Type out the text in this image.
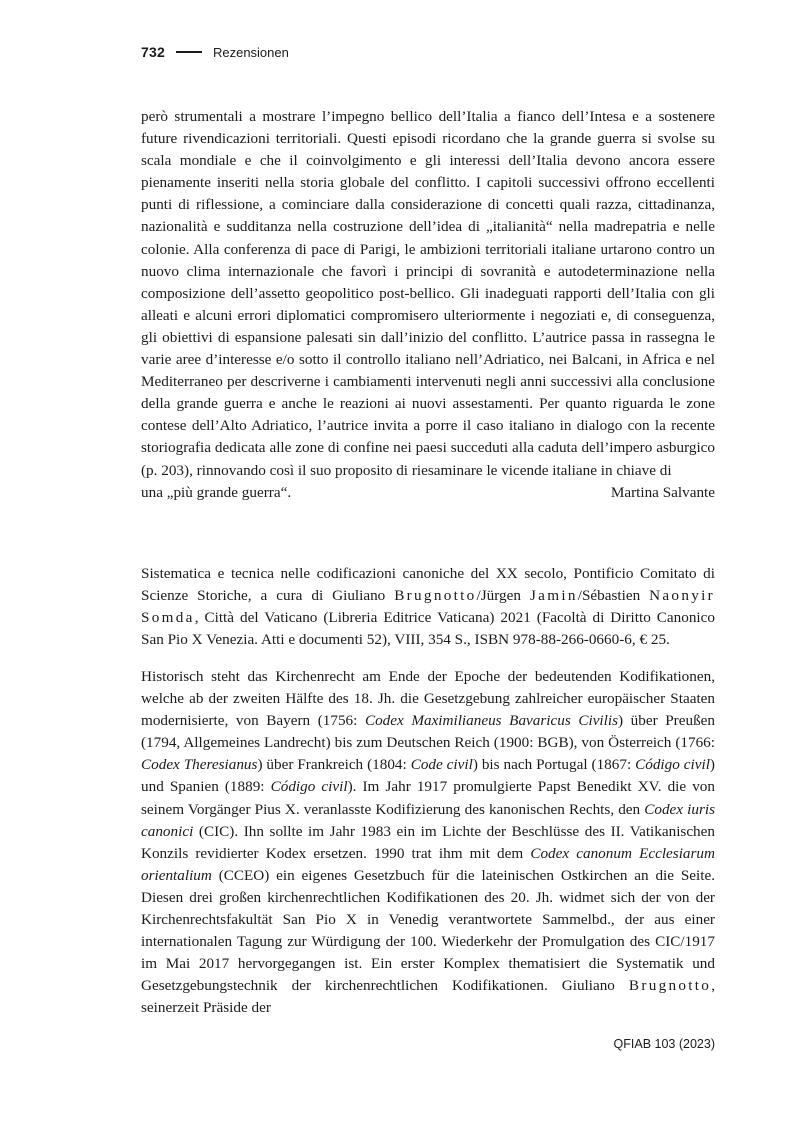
732	Rezensionen

però strumentali a mostrare l’impegno bellico dell’Italia a fianco dell’Intesa e a sostenere future rivendicazioni territoriali. Questi episodi ricordano che la grande guerra si svolse su scala mondiale e che il coinvolgimento e gli interessi dell’Italia devono ancora essere pienamente inseriti nella storia globale del conflitto. I capitoli successivi offrono eccellenti punti di riflessione, a cominciare dalla considerazione di concetti quali razza, cittadinanza, nazionalità e sudditanza nella costruzione dell’idea di „italianità“ nella madrepatria e nelle colonie. Alla conferenza di pace di Parigi, le ambizioni territoriali italiane urtarono contro un nuovo clima internazionale che favorì i principi di sovranità e autodeterminazione nella composizione dell’assetto geopolitico post-bellico. Gli inadeguati rapporti dell’Italia con gli alleati e alcuni errori diplomatici compromisero ulteriormente i negoziati e, di conseguenza, gli obiettivi di espansione palesati sin dall’inizio del conflitto. L’autrice passa in rassegna le varie aree d’interesse e/o sotto il controllo italiano nell’Adriatico, nei Balcani, in Africa e nel Mediterraneo per descriverne i cambiamenti intervenuti negli anni successivi alla conclusione della grande guerra e anche le reazioni ai nuovi assestamenti. Per quanto riguarda le zone contese dell’Alto Adriatico, l’autrice invita a porre il caso italiano in dialogo con la recente storiografia dedicata alle zone di confine nei paesi succeduti alla caduta dell’impero asburgico (p. 203), rinnovando così il suo proposito di riesaminare le vicende italiane in chiave di

una „più grande guerra“.	Martina Salvante

Sistematica e tecnica nelle codificazioni canoniche del XX secolo, Pontificio Comitato di Scienze Storiche, a cura di Giuliano Brugnotto/Jürgen Jamin/Sébastien Naonyir Somda, Città del Vaticano (Libreria Editrice Vaticana) 2021 (Facoltà di Diritto Canonico San Pio X Venezia. Atti e documenti 52), VIII, 354 S., ISBN 978-88-266-0660-6, € 25.

Historisch steht das Kirchenrecht am Ende der Epoche der bedeutenden Kodifikationen, welche ab der zweiten Hälfte des 18. Jh. die Gesetzgebung zahlreicher europäischer Staaten modernisierte, von Bayern (1756: Codex Maximilianeus Bavaricus Civilis) über Preußen (1794, Allgemeines Landrecht) bis zum Deutschen Reich (1900: BGB), von Österreich (1766: Codex Theresianus) über Frankreich (1804: Code civil) bis nach Portugal (1867: Código civil) und Spanien (1889: Código civil). Im Jahr 1917 promulgierte Papst Benedikt XV. die von seinem Vorgänger Pius X. veranlasste Kodifizierung des kanonischen Rechts, den Codex iuris canonici (CIC). Ihn sollte im Jahr 1983 ein im Lichte der Beschlüsse des II. Vatikanischen Konzils revidierter Kodex ersetzen. 1990 trat ihm mit dem Codex canonum Ecclesiarum orientalium (CCEO) ein eigenes Gesetzbuch für die lateinischen Ostkirchen an die Seite. Diesen drei großen kirchenrechtlichen Kodifikationen des 20. Jh. widmet sich der von der Kirchenrechtsfakultät San Pio X in Venedig verantwortete Sammelbd., der aus einer internationalen Tagung zur Würdigung der 100. Wiederkehr der Promulgation des CIC/1917 im Mai 2017 hervorgegangen ist. Ein erster Komplex thematisiert die Systematik und Gesetzgebungstechnik der kirchenrechtlichen Kodifikationen. Giuliano Brugnotto, seinerzeit Präside der

QFIAB 103 (2023)
